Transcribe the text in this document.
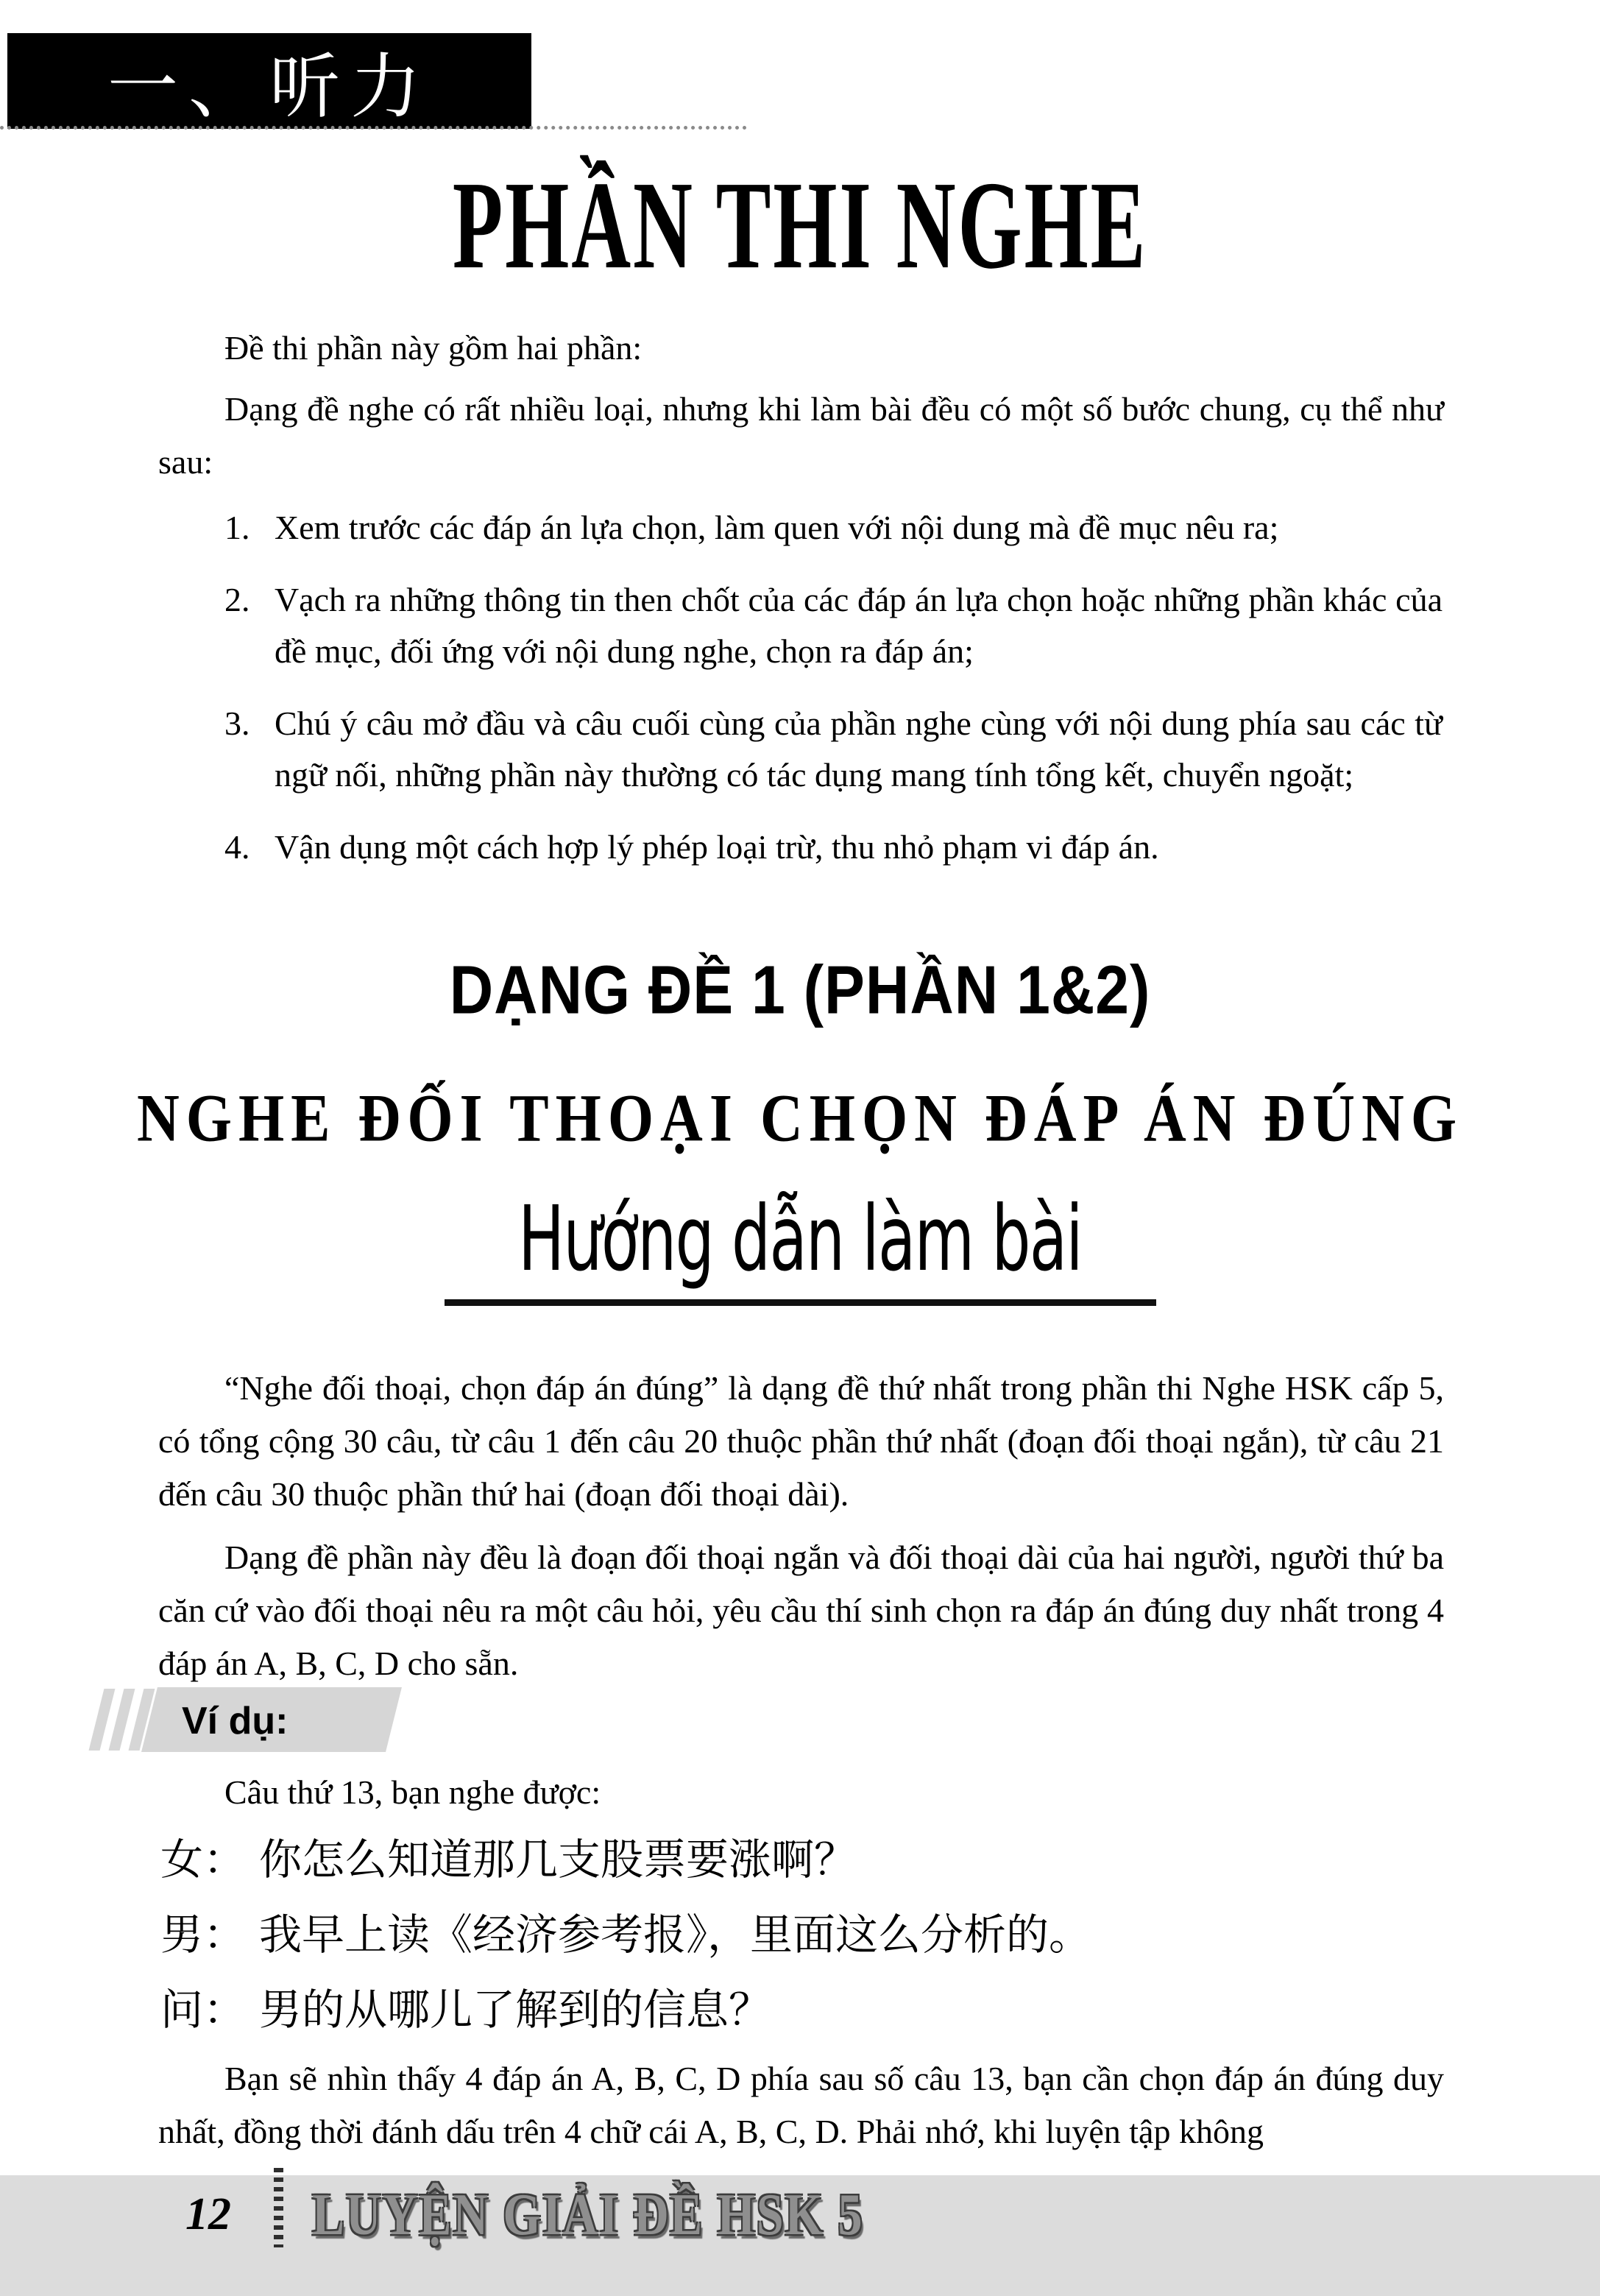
一、听力
PHẦN THI NGHE

Đề thi phần này gồm hai phần:

Dạng đề nghe có rất nhiều loại, nhưng khi làm bài đều có một số bước chung, cụ thể như sau:

1. Xem trước các đáp án lựa chọn, làm quen với nội dung mà đề mục nêu ra;
2. Vạch ra những thông tin then chốt của các đáp án lựa chọn hoặc những phần khác của đề mục, đối ứng với nội dung nghe, chọn ra đáp án;
3. Chú ý câu mở đầu và câu cuối cùng của phần nghe cùng với nội dung phía sau các từ ngữ nối, những phần này thường có tác dụng mang tính tổng kết, chuyển ngoặt;
4. Vận dụng một cách hợp lý phép loại trừ, thu nhỏ phạm vi đáp án.
DẠNG ĐỀ 1 (PHẦN 1&2)
NGHE ĐỐI THOẠI CHỌN ĐÁP ÁN ĐÚNG
Hướng dẫn làm bài

“Nghe đối thoại, chọn đáp án đúng” là dạng đề thứ nhất trong phần thi Nghe HSK cấp 5, có tổng cộng 30 câu, từ câu 1 đến câu 20 thuộc phần thứ nhất (đoạn đối thoại ngắn), từ câu 21 đến câu 30 thuộc phần thứ hai (đoạn đối thoại dài).

Dạng đề phần này đều là đoạn đối thoại ngắn và đối thoại dài của hai người, người thứ ba căn cứ vào đối thoại nêu ra một câu hỏi, yêu cầu thí sinh chọn ra đáp án đúng duy nhất trong 4 đáp án A, B, C, D cho sẵn.

Ví dụ:

Câu thứ 13, bạn nghe được:

女： 你怎么知道那几支股票要涨啊？
男： 我早上读《经济参考报》，里面这么分析的。
问： 男的从哪儿了解到的信息？

Bạn sẽ nhìn thấy 4 đáp án A, B, C, D phía sau số câu 13, bạn cần chọn đáp án đúng duy nhất, đồng thời đánh dấu trên 4 chữ cái A, B, C, D. Phải nhớ, khi luyện tập không

12 LUYỆN GIẢI ĐỀ HSK 5
